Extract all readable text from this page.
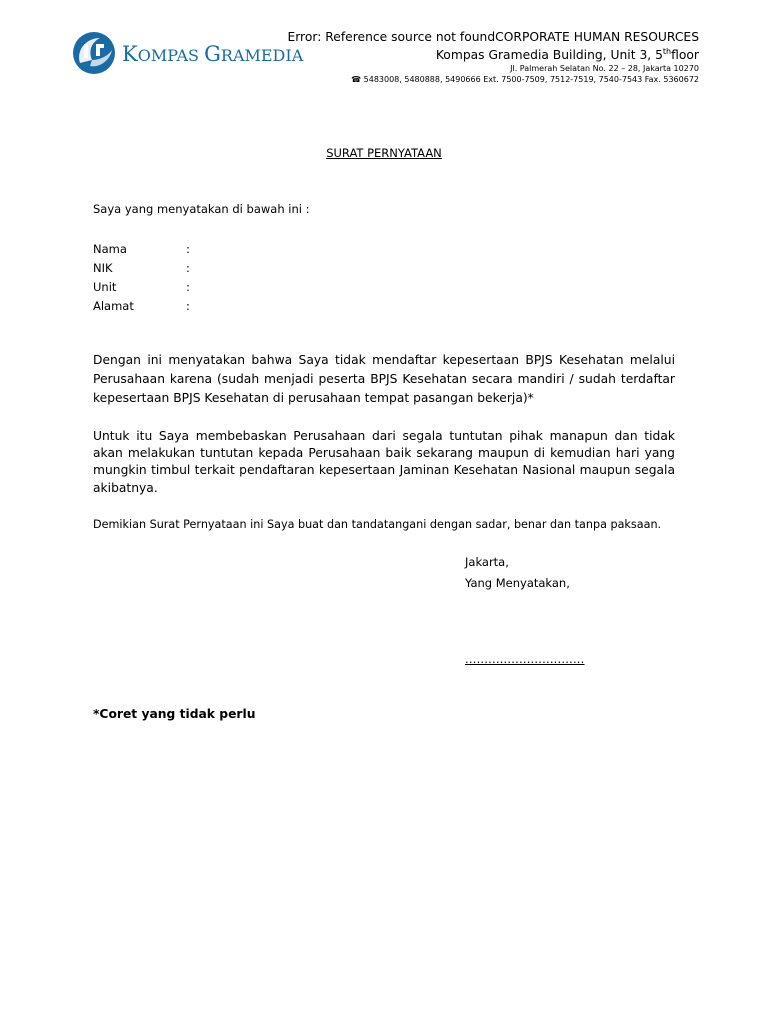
KOMPAS GRAMEDIA
Error: Reference source not foundCORPORATE HUMAN RESOURCES
Kompas Gramedia Building, Unit 3, 5thfloor
Jl. Palmerah Selatan No. 22 – 28, Jakarta 10270
☎ 5483008, 5480888, 5490666 Ext. 7500-7509, 7512-7519, 7540-7543 Fax. 5360672
SURAT PERNYATAAN
Saya yang menyatakan di bawah ini :
Nama	:
NIK	:
Unit	:
Alamat	:
Dengan ini menyatakan bahwa Saya tidak mendaftar kepesertaan BPJS Kesehatan melalui Perusahaan karena (sudah menjadi peserta BPJS Kesehatan secara mandiri / sudah terdaftar kepesertaan BPJS Kesehatan di perusahaan tempat pasangan bekerja)*
Untuk itu Saya membebaskan Perusahaan dari segala tuntutan pihak manapun dan tidak akan melakukan tuntutan kepada Perusahaan baik sekarang maupun di kemudian hari yang mungkin timbul terkait pendaftaran kepesertaan Jaminan Kesehatan Nasional maupun segala akibatnya.
Demikian Surat Pernyataan ini Saya buat dan tandatangani dengan sadar, benar dan tanpa paksaan.
Jakarta,
Yang Menyatakan,
...............................
*Coret yang tidak perlu
